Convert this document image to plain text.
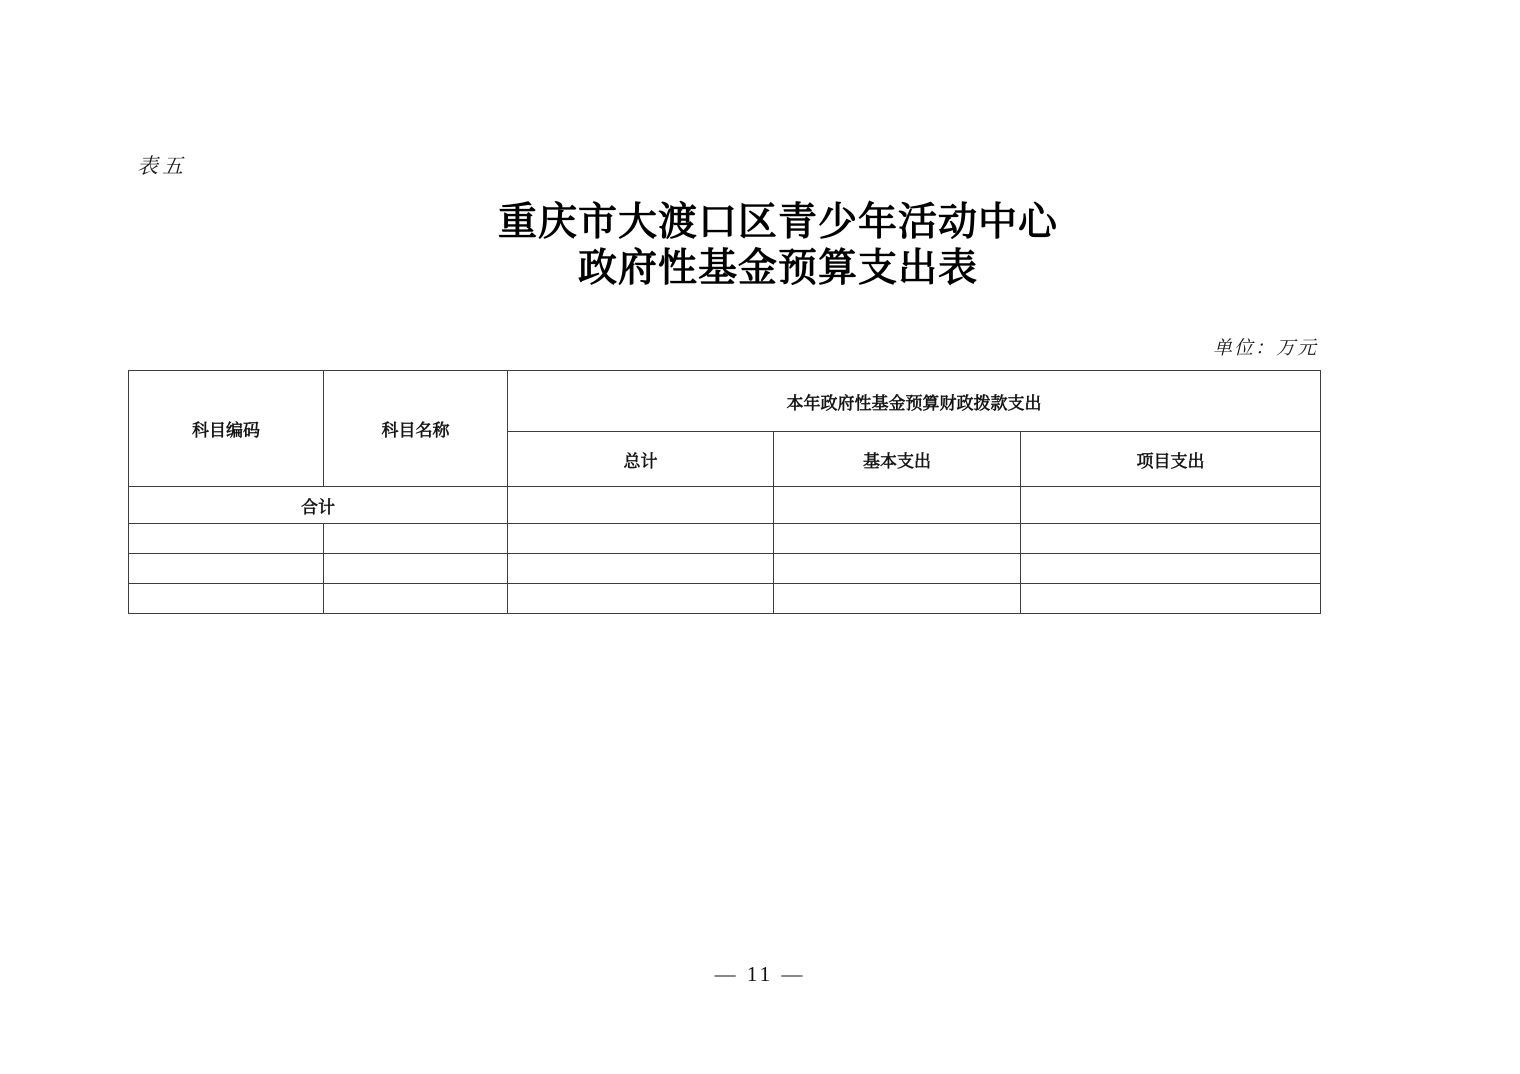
表五
重庆市大渡口区青少年活动中心
政府性基金预算支出表
单位：万元
科目编码	科目名称	本年政府性基金预算财政拨款支出		
		总计	基本支出	项目支出
合计				

— 11 —
